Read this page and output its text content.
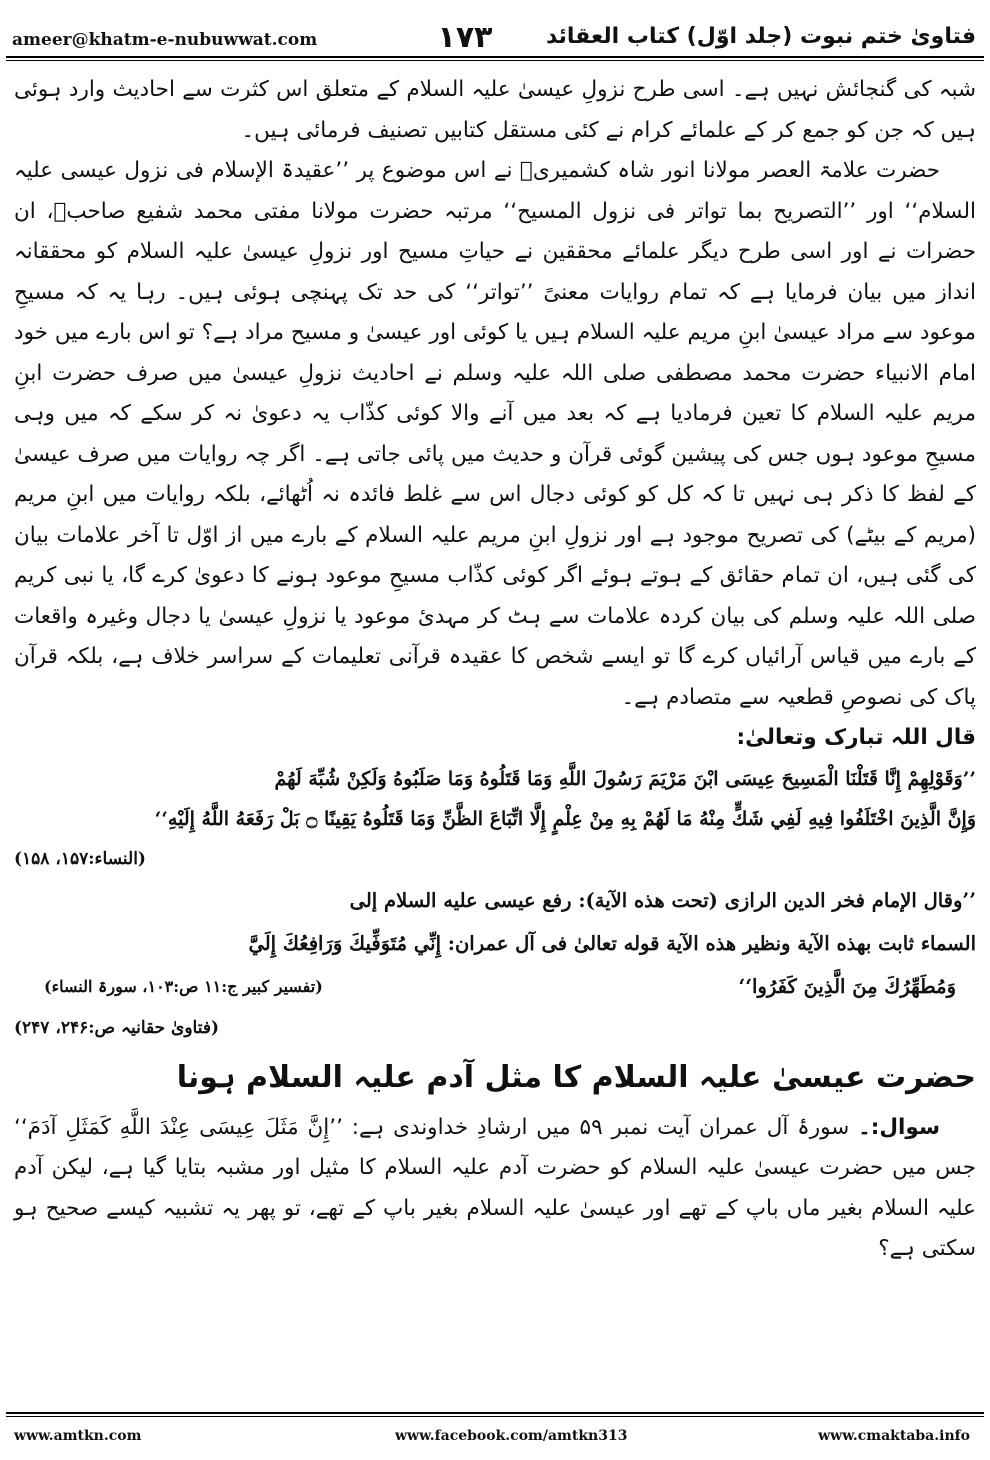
ameer@khatm-e-nubuwwat.com	۱۷۳	فتاویٰ ختم نبوت (جلد اوّل) کتاب العقائد

شبہ کی گنجائش نہیں ہے۔ اسی طرح نزولِ عیسیٰ علیہ السلام کے متعلق اس کثرت سے احادیث وارد ہوئی ہیں کہ جن کو جمع کر کے علمائے کرام نے کئی مستقل کتابیں تصنیف فرمائی ہیں۔

حضرت علامۃ العصر مولانا انور شاہ کشمیریؒ نے اس موضوع پر ’’عقیدۃ الإسلام فی نزول عیسی علیہ السلام‘‘ اور ’’التصریح بما تواتر فی نزول المسیح‘‘ مرتبہ حضرت مولانا مفتی محمد شفیع صاحبؒ، ان حضرات نے اور اسی طرح دیگر علمائے محققین نے حیاتِ مسیح اور نزولِ عیسیٰ علیہ السلام کو محققانہ انداز میں بیان فرمایا ہے کہ تمام روایات معنیً ’’تواتر‘‘ کی حد تک پہنچی ہوئی ہیں۔ رہا یہ کہ مسیحِ موعود سے مراد عیسیٰ ابنِ مریم علیہ السلام ہیں یا کوئی اور عیسیٰ و مسیح مراد ہے؟ تو اس بارے میں خود امام الانبیاء حضرت محمد مصطفی صلی اللہ علیہ وسلم نے احادیث نزولِ عیسیٰ میں صرف حضرت ابنِ مریم علیہ السلام کا تعین فرمادیا ہے کہ بعد میں آنے والا کوئی کذّاب یہ دعویٰ نہ کر سکے کہ میں وہی مسیحِ موعود ہوں جس کی پیشین گوئی قرآن و حدیث میں پائی جاتی ہے۔ اگر چہ روایات میں صرف عیسیٰ کے لفظ کا ذکر ہی نہیں تا کہ کل کو کوئی دجال اس سے غلط فائدہ نہ اُٹھائے، بلکہ روایات میں ابنِ مریم (مریم کے بیٹے) کی تصریح موجود ہے اور نزولِ ابنِ مریم علیہ السلام کے بارے میں از اوّل تا آخر علامات بیان کی گئی ہیں، ان تمام حقائق کے ہوتے ہوئے اگر کوئی کذّاب مسیحِ موعود ہونے کا دعویٰ کرے گا، یا نبی کریم صلی اللہ علیہ وسلم کی بیان کردہ علامات سے ہٹ کر مہدیٔ موعود یا نزولِ عیسیٰ یا دجال وغیرہ واقعات کے بارے میں قیاس آرائیاں کرے گا تو ایسے شخص کا عقیدہ قرآنی تعلیمات کے سراسر خلاف ہے، بلکہ قرآن پاک کی نصوصِ قطعیہ سے متصادم ہے۔

قال اللہ تبارک وتعالیٰ:

’’وَقَوْلِهِمْ إِنَّا قَتَلْنَا الْمَسِيحَ عِيسَى ابْنَ مَرْيَمَ رَسُولَ اللَّهِ وَمَا قَتَلُوهُ وَمَا صَلَبُوهُ وَلَكِنْ شُبِّهَ لَهُمْ

وَإِنَّ الَّذِينَ اخْتَلَفُوا فِيهِ لَفِي شَكٍّ مِنْهُ مَا لَهُمْ بِهِ مِنْ عِلْمٍ إِلَّا اتِّبَاعَ الظَّنِّ وَمَا قَتَلُوهُ يَقِينًا ۝ بَلْ رَفَعَهُ اللَّهُ إِلَيْهِ‘‘

(النساء:۱۵۷، ۱۵۸)

’’وقال الإمام فخر الدين الرازی (تحت هذه الآية): رفع عيسى عليه السلام إلى

السماء ثابت بهذه الآية ونظير هذه الآية قوله تعالىٰ فی آل عمران: إِنِّي مُتَوَفِّيكَ وَرَافِعُكَ إِلَيَّ

وَمُطَهِّرُكَ مِنَ الَّذِينَ كَفَرُوا‘‘
(تفسیر کبیر ج:۱۱ ص:۱۰۳، سورۃ النساء)

(فتاویٰ حقانیہ ص:۲۴۶، ۲۴۷)

حضرت عیسیٰ علیہ السلام کا مثل آدم علیہ السلام ہونا

سوال:۔ سورۂ آل عمران آیت نمبر ۵۹ میں ارشادِ خداوندی ہے: ’’إِنَّ مَثَلَ عِيسَى عِنْدَ اللَّهِ كَمَثَلِ آدَمَ‘‘ جس میں حضرت عیسیٰ علیہ السلام کو حضرت آدم علیہ السلام کا مثیل اور مشبہ بتایا گیا ہے، لیکن آدم علیہ السلام بغیر ماں باپ کے تھے اور عیسیٰ علیہ السلام بغیر باپ کے تھے، تو پھر یہ تشبیہ کیسے صحیح ہو سکتی ہے؟

www.amtkn.com	www.facebook.com/amtkn313	www.cmaktaba.info
